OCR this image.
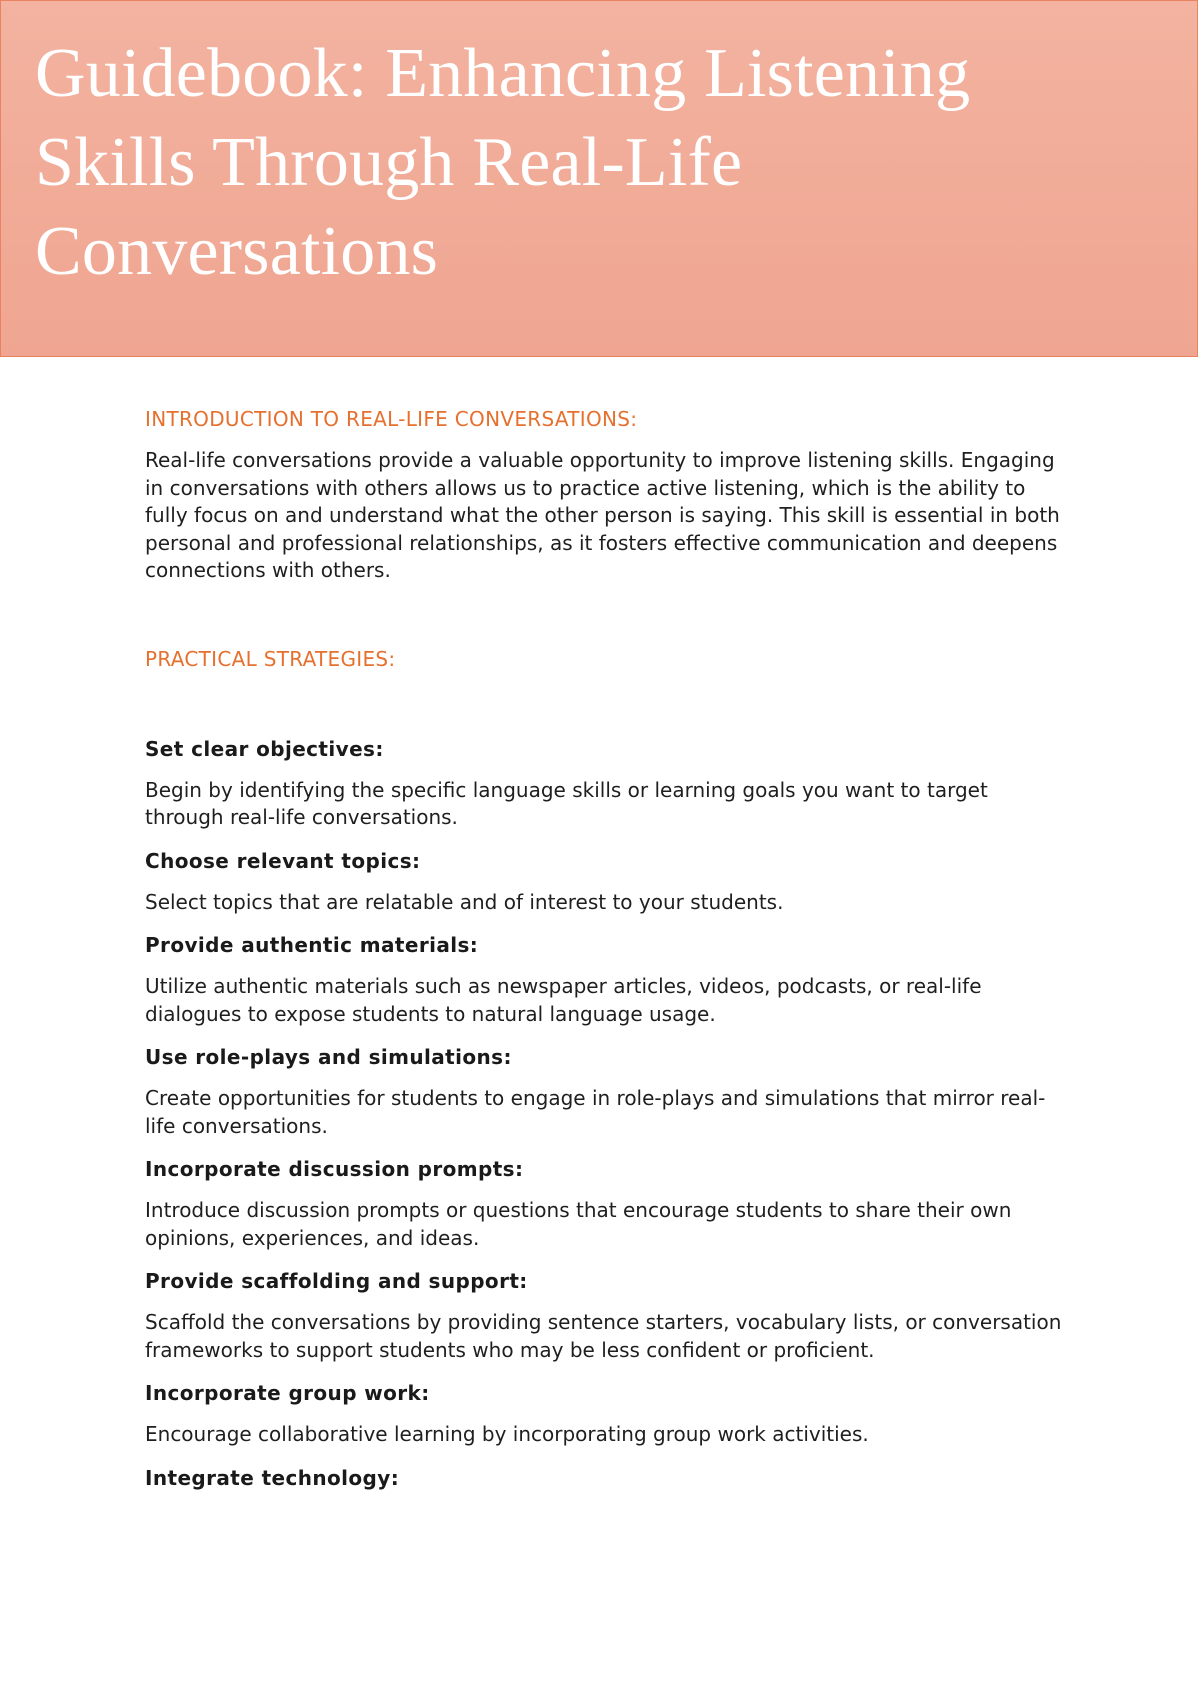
Guidebook: Enhancing Listening Skills Through Real-Life Conversations
INTRODUCTION TO REAL-LIFE CONVERSATIONS:

Real-life conversations provide a valuable opportunity to improve listening skills. Engaging in conversations with others allows us to practice active listening, which is the ability to fully focus on and understand what the other person is saying. This skill is essential in both personal and professional relationships, as it fosters effective communication and deepens connections with others.

PRACTICAL STRATEGIES:
Set clear objectives:

Begin by identifying the specific language skills or learning goals you want to target through real-life conversations.

Choose relevant topics:

Select topics that are relatable and of interest to your students.

Provide authentic materials:

Utilize authentic materials such as newspaper articles, videos, podcasts, or real-life dialogues to expose students to natural language usage.

Use role-plays and simulations:

Create opportunities for students to engage in role-plays and simulations that mirror real-life conversations.

Incorporate discussion prompts:

Introduce discussion prompts or questions that encourage students to share their own opinions, experiences, and ideas.

Provide scaffolding and support:

Scaffold the conversations by providing sentence starters, vocabulary lists, or conversation frameworks to support students who may be less confident or proficient.

Incorporate group work:

Encourage collaborative learning by incorporating group work activities.

Integrate technology:
